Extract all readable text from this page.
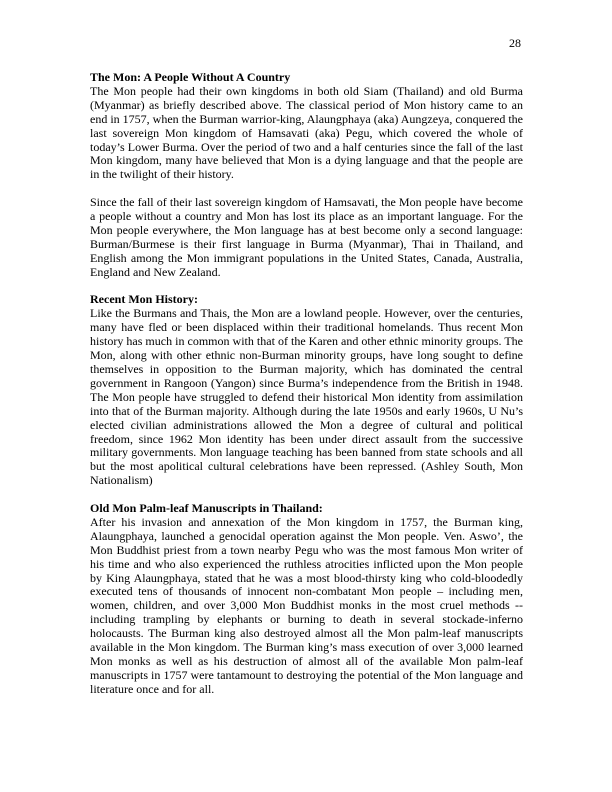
28

The Mon: A People Without A Country

The Mon people had their own kingdoms in both old Siam (Thailand) and old Burma (Myanmar) as briefly described above. The classical period of Mon history came to an end in 1757, when the Burman warrior-king, Alaungphaya (aka) Aungzeya, conquered the last sovereign Mon kingdom of Hamsavati (aka) Pegu, which covered the whole of today’s Lower Burma. Over the period of two and a half centuries since the fall of the last Mon kingdom, many have believed that Mon is a dying language and that the people are in the twilight of their history.

Since the fall of their last sovereign kingdom of Hamsavati, the Mon people have become a people without a country and Mon has lost its place as an important language. For the Mon people everywhere, the Mon language has at best become only a second language: Burman/Burmese is their first language in Burma (Myanmar), Thai in Thailand, and English among the Mon immigrant populations in the United States, Canada, Australia, England and New Zealand.

Recent Mon History:

Like the Burmans and Thais, the Mon are a lowland people. However, over the centuries, many have fled or been displaced within their traditional homelands. Thus recent Mon history has much in common with that of the Karen and other ethnic minority groups. The Mon, along with other ethnic non-Burman minority groups, have long sought to define themselves in opposition to the Burman majority, which has dominated the central government in Rangoon (Yangon) since Burma’s independence from the British in 1948. The Mon people have struggled to defend their historical Mon identity from assimilation into that of the Burman majority. Although during the late 1950s and early 1960s, U Nu’s elected civilian administrations allowed the Mon a degree of cultural and political freedom, since 1962 Mon identity has been under direct assault from the successive military governments. Mon language teaching has been banned from state schools and all but the most apolitical cultural celebrations have been repressed. (Ashley South, Mon Nationalism)

Old Mon Palm-leaf Manuscripts in Thailand:

After his invasion and annexation of the Mon kingdom in 1757, the Burman king, Alaungphaya, launched a genocidal operation against the Mon people. Ven. Aswo’, the Mon Buddhist priest from a town nearby Pegu who was the most famous Mon writer of his time and who also experienced the ruthless atrocities inflicted upon the Mon people by King Alaungphaya, stated that he was a most blood-thirsty king who cold-bloodedly executed tens of thousands of innocent non-combatant Mon people – including men, women, children, and over 3,000 Mon Buddhist monks in the most cruel methods -- including trampling by elephants or burning to death in several stockade-inferno holocausts. The Burman king also destroyed almost all the Mon palm-leaf manuscripts available in the Mon kingdom. The Burman king’s mass execution of over 3,000 learned Mon monks as well as his destruction of almost all of the available Mon palm-leaf manuscripts in 1757 were tantamount to destroying the potential of the Mon language and literature once and for all.
